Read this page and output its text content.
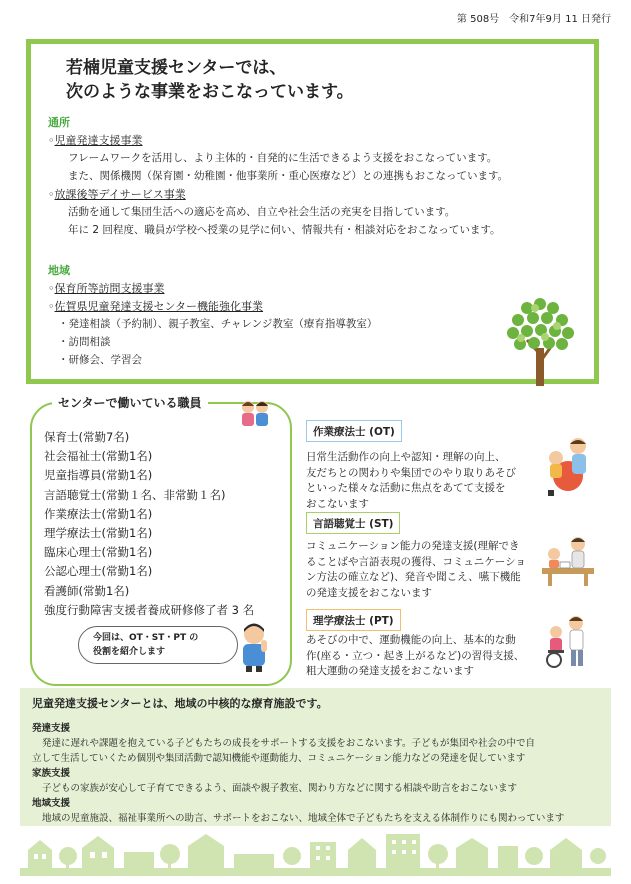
第 508号　令和7年9月 11 日発行
若楠児童支援センターでは、
次のような事業をおこなっています。
通所
◦児童発達支援事業
フレームワークを活用し、より主体的・自発的に生活できるよう支援をおこなっています。
また、関係機関（保育園・幼稚園・他事業所・重心医療など）との連携もおこなっています。
◦放課後等デイサービス事業
活動を通して集団生活への適応を高め、自立や社会生活の充実を目指しています。
年に 2 回程度、職員が学校へ授業の見学に伺い、情報共有・相談対応をおこなっています。
地域
◦保育所等訪問支援事業
◦佐賀県児童発達支援センター機能強化事業
・発達相談（予約制）、親子教室、チャレンジ教室（療育指導教室）
・訪問相談
・研修会、学習会
センターで働いている職員
保育士(常勤7名)
社会福祉士(常勤1名)
児童指導員(常勤1名)
言語聴覚士(常勤１名、非常勤１名)
作業療法士(常勤1名)
理学療法士(常勤1名)
臨床心理士(常勤1名)
公認心理士(常勤1名)
看護師(常勤1名)
強度行動障害支援者養成研修修了者 3 名
今回は、OT・ST・PT の
役割を紹介します
作業療法士 (OT)
日常生活動作の向上や認知・理解の向上、
友だちとの関わりや集団でのやり取りあそび
といった様々な活動に焦点をあてて支援を
おこないます
言語聴覚士 (ST)
コミュニケーション能力の発達支援(理解でき
ることばや言語表現の獲得、コミュニケーショ
ン方法の確立など)、発音や聞こえ、嚥下機能
の発達支援をおこないます
理学療法士 (PT)
あそびの中で、運動機能の向上、基本的な動
作(座る・立つ・起き上がるなど)の習得支援、
粗大運動の発達支援をおこないます
児童発達支援センターとは、地域の中核的な療育施設です。
発達支援
発達に遅れや課題を抱えている子どもたちの成長をサポートする支援をおこないます。子どもが集団や社会の中で自
立して生活していくため個別や集団活動で認知機能や運動能力、コミュニケーション能力などの発達を促しています
家族支援
子どもの家族が安心して子育てできるよう、面談や親子教室、関わり方などに関する相談や助言をおこないます
地域支援
地域の児童施設、福祉事業所への助言、サポートをおこない、地域全体で子どもたちを支える体制作りにも関わっています
